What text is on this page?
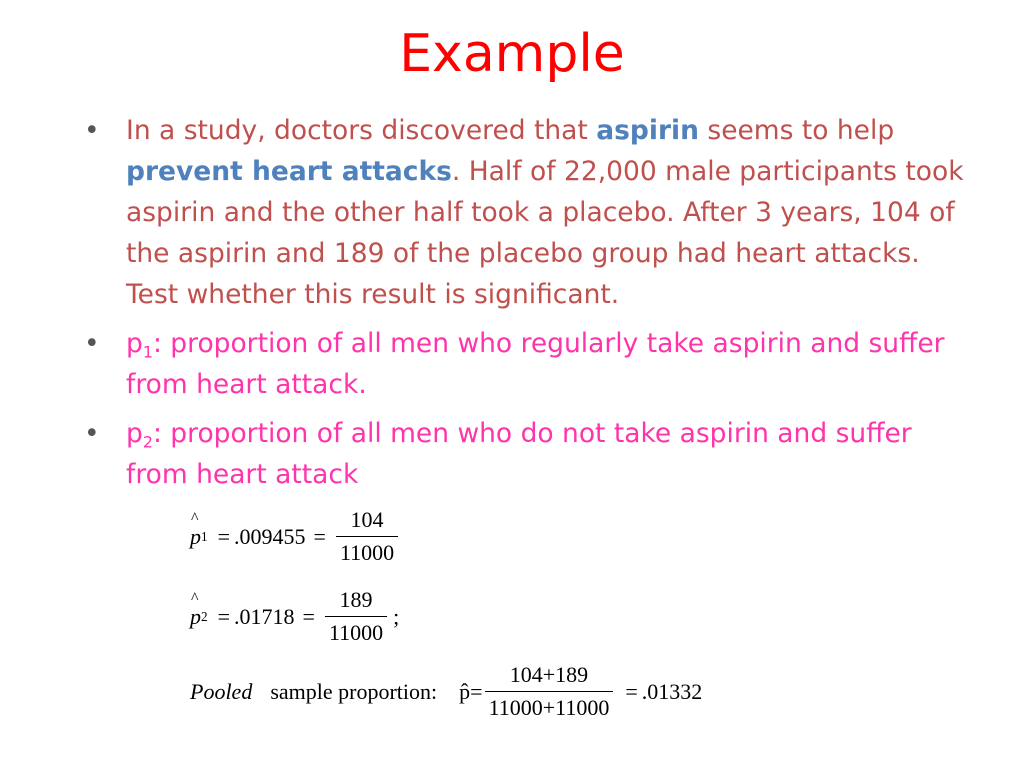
Example
• In a study, doctors discovered that aspirin seems to help prevent heart attacks. Half of 22,000 male participants took aspirin and the other half took a placebo. After 3 years, 104 of the aspirin and 189 of the placebo group had heart attacks. Test whether this result is significant.
• $p_1$: proportion of all men who regularly take aspirin and suffer from heart attack.
• $p_2$: proportion of all men who do not take aspirin and suffer from heart attack
^
p $1 = .009455 = \frac{104}{11000}$
^
p $2 = .01718 = \frac{189}{11000}$ ;
Pooled sample proportion: p̂= $\frac{104+189}{11000+11000} = .01332$
